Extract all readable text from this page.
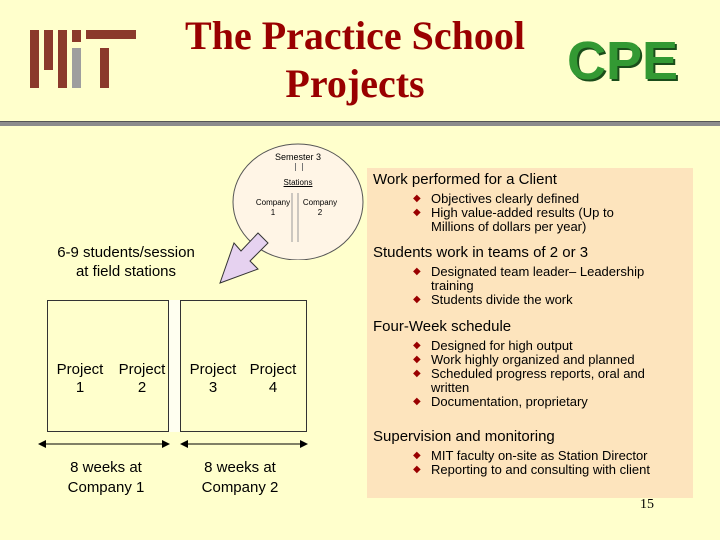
The Practice School
Projects	CPE
Work performed for a Client
◆ Objectives clearly defined
◆ High value-added results (Up to Millions of dollars per year)
Students work in teams of 2 or 3
◆ Designated team leader– Leadership training
◆ Students divide the work
Four-Week schedule
◆ Designed for high output
◆ Work highly organized and planned
◆ Scheduled progress reports, oral and written
◆ Documentation, proprietary
Supervision and monitoring
◆ MIT faculty on-site as Station Director
◆ Reporting to and consulting with client
Semester 3
Stations
Company
1
Company
2
6-9 students/session
at field stations
Project
1
Project
2
Project
3
Project
4
8 weeks at
Company 1
8 weeks at
Company 2
15
